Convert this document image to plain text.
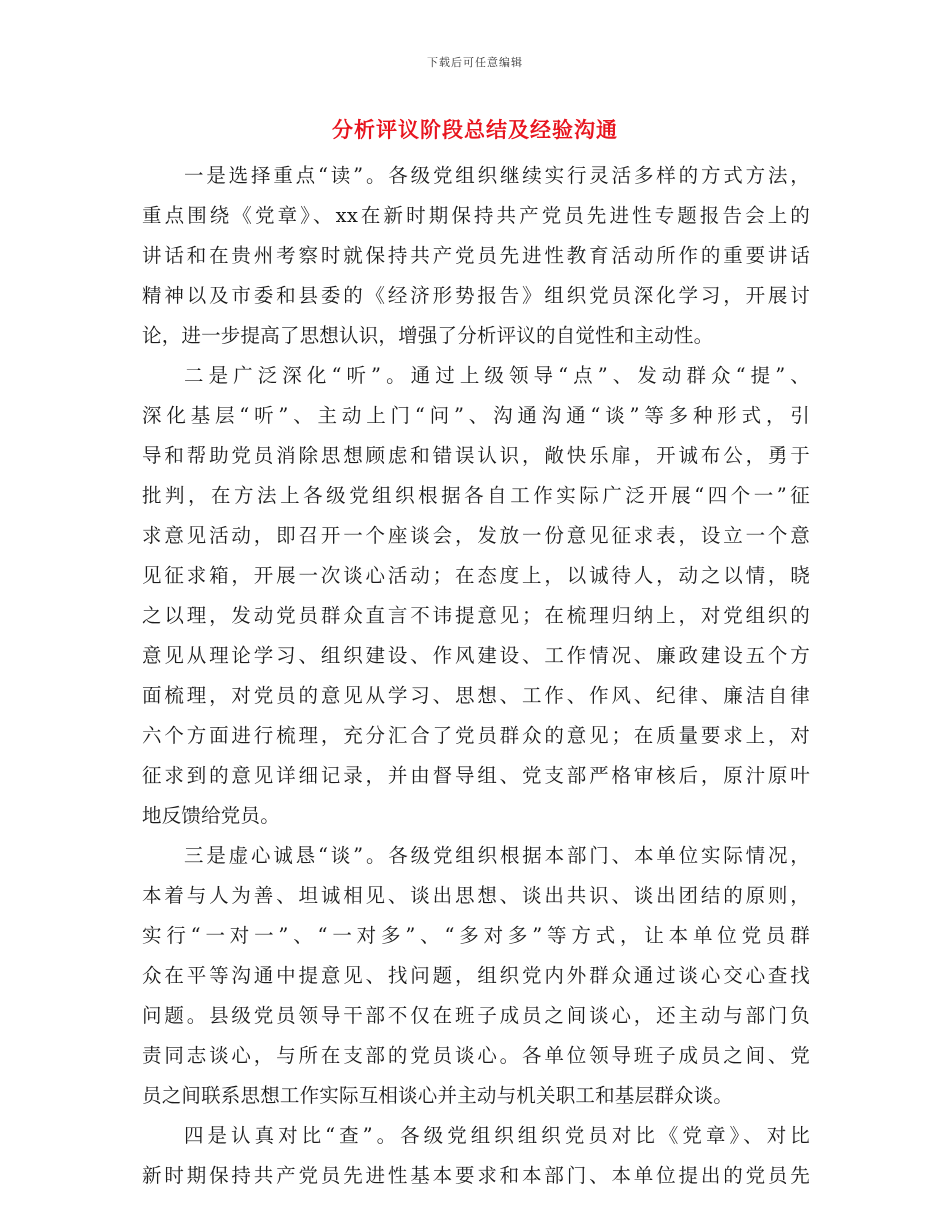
下载后可任意编辑
分析评议阶段总结及经验沟通
一是选择重点“读”。各级党组织继续实行灵活多样的方式方法，
重点围绕《党章》、xx在新时期保持共产党员先进性专题报告会上的
讲话和在贵州考察时就保持共产党员先进性教育活动所作的重要讲话
精神以及市委和县委的《经济形势报告》组织党员深化学习，开展讨
论，进一步提高了思想认识，增强了分析评议的自觉性和主动性。
二是广泛深化“听”。通过上级领导“点”、发动群众“提”、
深化基层“听”、主动上门“问”、沟通沟通“谈”等多种形式，引
导和帮助党员消除思想顾虑和错误认识，敞快乐扉，开诚布公，勇于
批判，在方法上各级党组织根据各自工作实际广泛开展“四个一”征
求意见活动，即召开一个座谈会，发放一份意见征求表，设立一个意
见征求箱，开展一次谈心活动；在态度上，以诚待人，动之以情，晓
之以理，发动党员群众直言不讳提意见；在梳理归纳上，对党组织的
意见从理论学习、组织建设、作风建设、工作情况、廉政建设五个方
面梳理，对党员的意见从学习、思想、工作、作风、纪律、廉洁自律
六个方面进行梳理，充分汇合了党员群众的意见；在质量要求上，对
征求到的意见详细记录，并由督导组、党支部严格审核后，原汁原叶
地反馈给党员。
三是虚心诚恳“谈”。各级党组织根据本部门、本单位实际情况，
本着与人为善、坦诚相见、谈出思想、谈出共识、谈出团结的原则，
实行“一对一”、“一对多”、“多对多”等方式，让本单位党员群
众在平等沟通中提意见、找问题，组织党内外群众通过谈心交心查找
问题。县级党员领导干部不仅在班子成员之间谈心，还主动与部门负
责同志谈心，与所在支部的党员谈心。各单位领导班子成员之间、党
员之间联系思想工作实际互相谈心并主动与机关职工和基层群众谈。
四是认真对比“查”。各级党组织组织党员对比《党章》、对比
新时期保持共产党员先进性基本要求和本部门、本单位提出的党员先
